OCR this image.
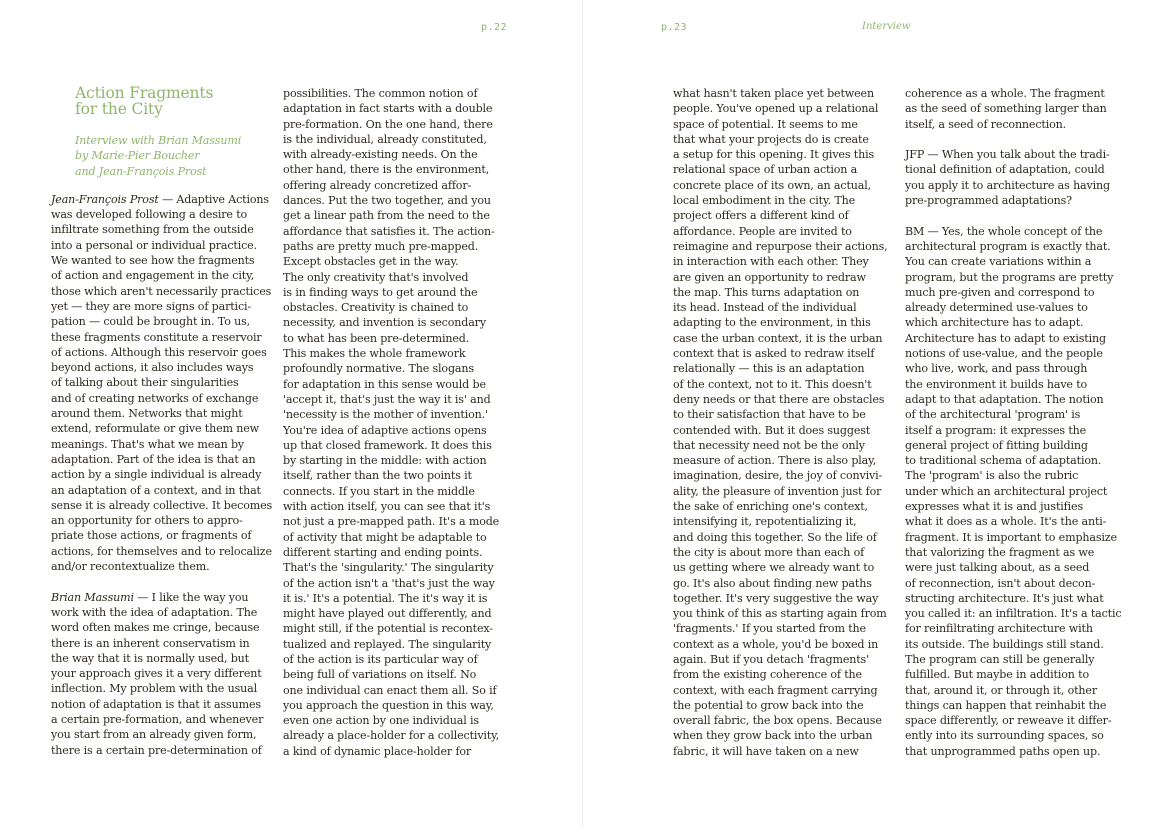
p.22
Action Fragments
for the City
Interview with Brian Massumi
by Marie-Pier Boucher
and Jean-François Prost

Jean-François Prost — Adaptive Actions
was developed following a desire to
infiltrate something from the outside
into a personal or individual practice.
We wanted to see how the fragments
of action and engagement in the city,
those which aren't necessarily practices
yet — they are more signs of partici-
pation — could be brought in. To us,
these fragments constitute a reservoir
of actions. Although this reservoir goes
beyond actions, it also includes ways
of talking about their singularities
and of creating networks of exchange
around them. Networks that might
extend, reformulate or give them new
meanings. That's what we mean by
adaptation. Part of the idea is that an
action by a single individual is already
an adaptation of a context, and in that
sense it is already collective. It becomes
an opportunity for others to appro-
priate those actions, or fragments of
actions, for themselves and to relocalize
and/or recontextualize them.

Brian Massumi — I like the way you
work with the idea of adaptation. The
word often makes me cringe, because
there is an inherent conservatism in
the way that it is normally used, but
your approach gives it a very different
inflection. My problem with the usual
notion of adaptation is that it assumes
a certain pre-formation, and whenever
you start from an already given form,
there is a certain pre-determination of

possibilities. The common notion of
adaptation in fact starts with a double
pre-formation. On the one hand, there
is the individual, already constituted,
with already-existing needs. On the
other hand, there is the environment,
offering already concretized affor-
dances. Put the two together, and you
get a linear path from the need to the
affordance that satisfies it. The action-
paths are pretty much pre-mapped.
Except obstacles get in the way.
The only creativity that's involved
is in finding ways to get around the
obstacles. Creativity is chained to
necessity, and invention is secondary
to what has been pre-determined.
This makes the whole framework
profoundly normative. The slogans
for adaptation in this sense would be
'accept it, that's just the way it is' and
'necessity is the mother of invention.'
You're idea of adaptive actions opens
up that closed framework. It does this
by starting in the middle: with action
itself, rather than the two points it
connects. If you start in the middle
with action itself, you can see that it's
not just a pre-mapped path. It's a mode
of activity that might be adaptable to
different starting and ending points.
That's the 'singularity.' The singularity
of the action isn't a 'that's just the way
it is.' It's a potential. The it's way it is
might have played out differently, and
might still, if the potential is recontex-
tualized and replayed. The singularity
of the action is its particular way of
being full of variations on itself. No
one individual can enact them all. So if
you approach the question in this way,
even one action by one individual is
already a place-holder for a collectivity,
a kind of dynamic place-holder for

p.23	Interview

what hasn't taken place yet between
people. You've opened up a relational
space of potential. It seems to me
that what your projects do is create
a setup for this opening. It gives this
relational space of urban action a
concrete place of its own, an actual,
local embodiment in the city. The
project offers a different kind of
affordance. People are invited to
reimagine and repurpose their actions,
in interaction with each other. They
are given an opportunity to redraw
the map. This turns adaptation on
its head. Instead of the individual
adapting to the environment, in this
case the urban context, it is the urban
context that is asked to redraw itself
relationally — this is an adaptation
of the context, not to it. This doesn't
deny needs or that there are obstacles
to their satisfaction that have to be
contended with. But it does suggest
that necessity need not be the only
measure of action. There is also play,
imagination, desire, the joy of convivi-
ality, the pleasure of invention just for
the sake of enriching one's context,
intensifying it, repotentializing it,
and doing this together. So the life of
the city is about more than each of
us getting where we already want to
go. It's also about finding new paths
together. It's very suggestive the way
you think of this as starting again from
'fragments.' If you started from the
context as a whole, you'd be boxed in
again. But if you detach 'fragments'
from the existing coherence of the
context, with each fragment carrying
the potential to grow back into the
overall fabric, the box opens. Because
when they grow back into the urban
fabric, it will have taken on a new

coherence as a whole. The fragment
as the seed of something larger than
itself, a seed of reconnection.

JFP — When you talk about the tradi-
tional definition of adaptation, could
you apply it to architecture as having
pre-programmed adaptations?

BM — Yes, the whole concept of the
architectural program is exactly that.
You can create variations within a
program, but the programs are pretty
much pre-given and correspond to
already determined use-values to
which architecture has to adapt.
Architecture has to adapt to existing
notions of use-value, and the people
who live, work, and pass through
the environment it builds have to
adapt to that adaptation. The notion
of the architectural 'program' is
itself a program: it expresses the
general project of fitting building
to traditional schema of adaptation.
The 'program' is also the rubric
under which an architectural project
expresses what it is and justifies
what it does as a whole. It's the anti-
fragment. It is important to emphasize
that valorizing the fragment as we
were just talking about, as a seed
of reconnection, isn't about decon-
structing architecture. It's just what
you called it: an infiltration. It's a tactic
for reinfiltrating architecture with
its outside. The buildings still stand.
The program can still be generally
fulfilled. But maybe in addition to
that, around it, or through it, other
things can happen that reinhabit the
space differently, or reweave it differ-
ently into its surrounding spaces, so
that unprogrammed paths open up.
